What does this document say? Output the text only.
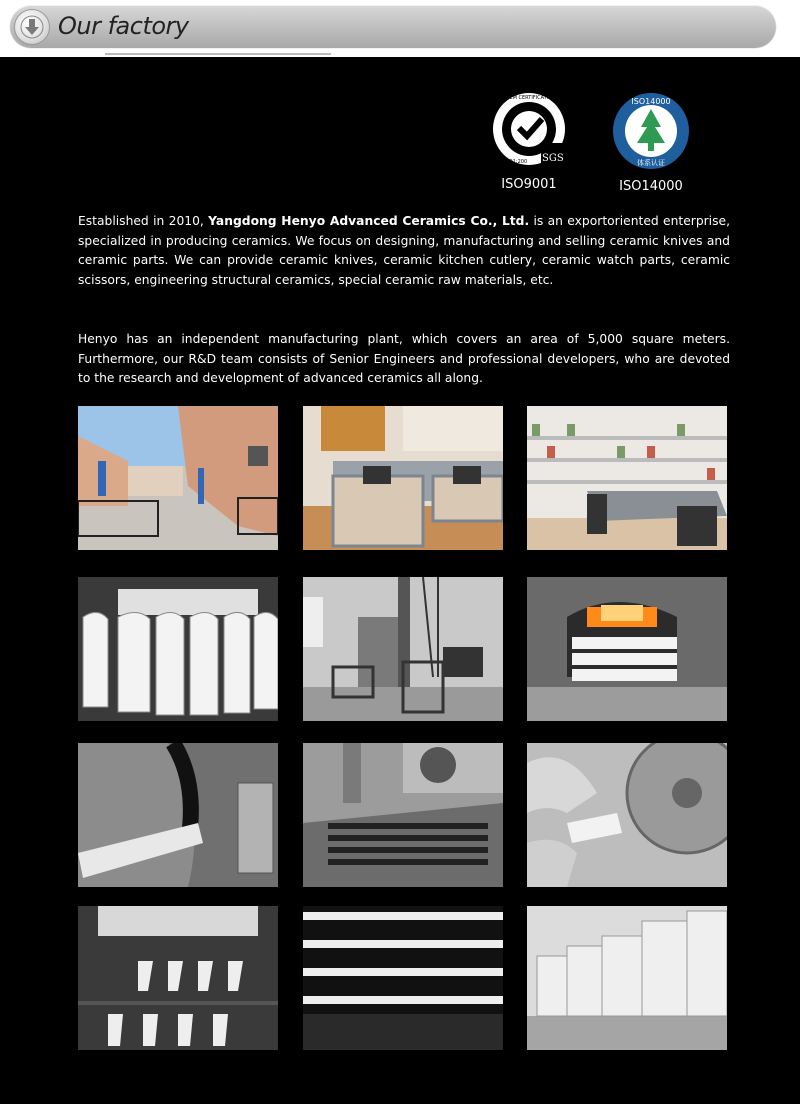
Our factory
SGS
SYSTEM CERTIFICATION
ISO 9001:200
ISO9001
ISO14000
体系认证
ISO14000
Established in 2010, Yangdong Henyo Advanced Ceramics Co., Ltd. is an exportoriented enterprise, specialized in producing ceramics. We focus on designing, manufacturing and selling ceramic knives and ceramic parts. We can provide ceramic knives, ceramic kitchen cutlery, ceramic watch parts, ceramic scissors, engineering structural ceramics, special ceramic raw materials, etc.
Henyo has an independent manufacturing plant, which covers an area of 5,000 square meters. Furthermore, our R&D team consists of Senior Engineers and professional developers, who are devoted to the research and development of advanced ceramics all along.
